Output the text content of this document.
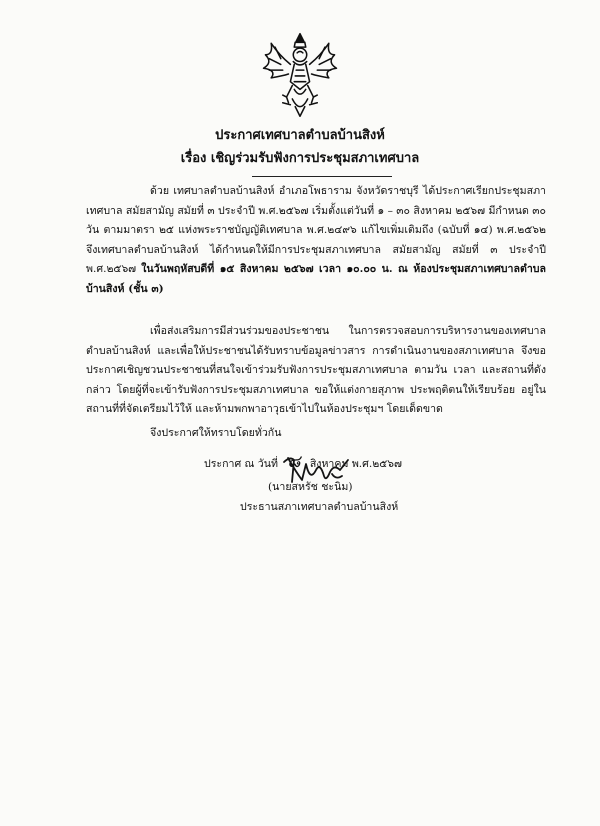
ประกาศเทศบาลตำบลบ้านสิงห์
เรื่อง เชิญร่วมรับฟังการประชุมสภาเทศบาล
ด้วย เทศบาลตำบลบ้านสิงห์ อำเภอโพธาราม จังหวัดราชบุรี ได้ประกาศเรียกประชุมสภาเทศบาล สมัยสามัญ สมัยที่ ๓ ประจำปี พ.ศ.๒๕๖๗ เริ่มตั้งแต่วันที่ ๑ – ๓๐ สิงหาคม ๒๕๖๗ มีกำหนด ๓๐ วัน ตามมาตรา ๒๕ แห่งพระราชบัญญัติเทศบาล พ.ศ.๒๔๙๖ แก้ไขเพิ่มเติมถึง (ฉบับที่ ๑๔) พ.ศ.๒๕๖๒ จึงเทศบาลตำบลบ้านสิงห์ ได้กำหนดให้มีการประชุมสภาเทศบาล สมัยสามัญ สมัยที่ ๓ ประจำปี พ.ศ.๒๕๖๗ ในวันพฤหัสบดีที่ ๑๕ สิงหาคม ๒๕๖๗ เวลา ๑๐.๐๐ น. ณ ห้องประชุมสภาเทศบาลตำบลบ้านสิงห์ (ชั้น ๓)
เพื่อส่งเสริมการมีส่วนร่วมของประชาชน ในการตรวจสอบการบริหารงานของเทศบาลตำบลบ้านสิงห์ และเพื่อให้ประชาชนได้รับทราบข้อมูลข่าวสาร การดำเนินงานของสภาเทศบาล จึงขอประกาศเชิญชวนประชาชนที่สนใจเข้าร่วมรับฟังการประชุมสภาเทศบาล ตามวัน เวลา และสถานที่ดังกล่าว โดยผู้ที่จะเข้ารับฟังการประชุมสภาเทศบาล ขอให้แต่งกายสุภาพ ประพฤติตนให้เรียบร้อย อยู่ในสถานที่ที่จัดเตรียมไว้ให้ และห้ามพกพาอาวุธเข้าไปในห้องประชุมฯ โดยเด็ดขาด
จึงประกาศให้ทราบโดยทั่วกัน
ประกาศ ณ วันที่ ๘ สิงหาคม พ.ศ.๒๕๖๗
(นายสหรัช ชะนิม)
ประธานสภาเทศบาลตำบลบ้านสิงห์
